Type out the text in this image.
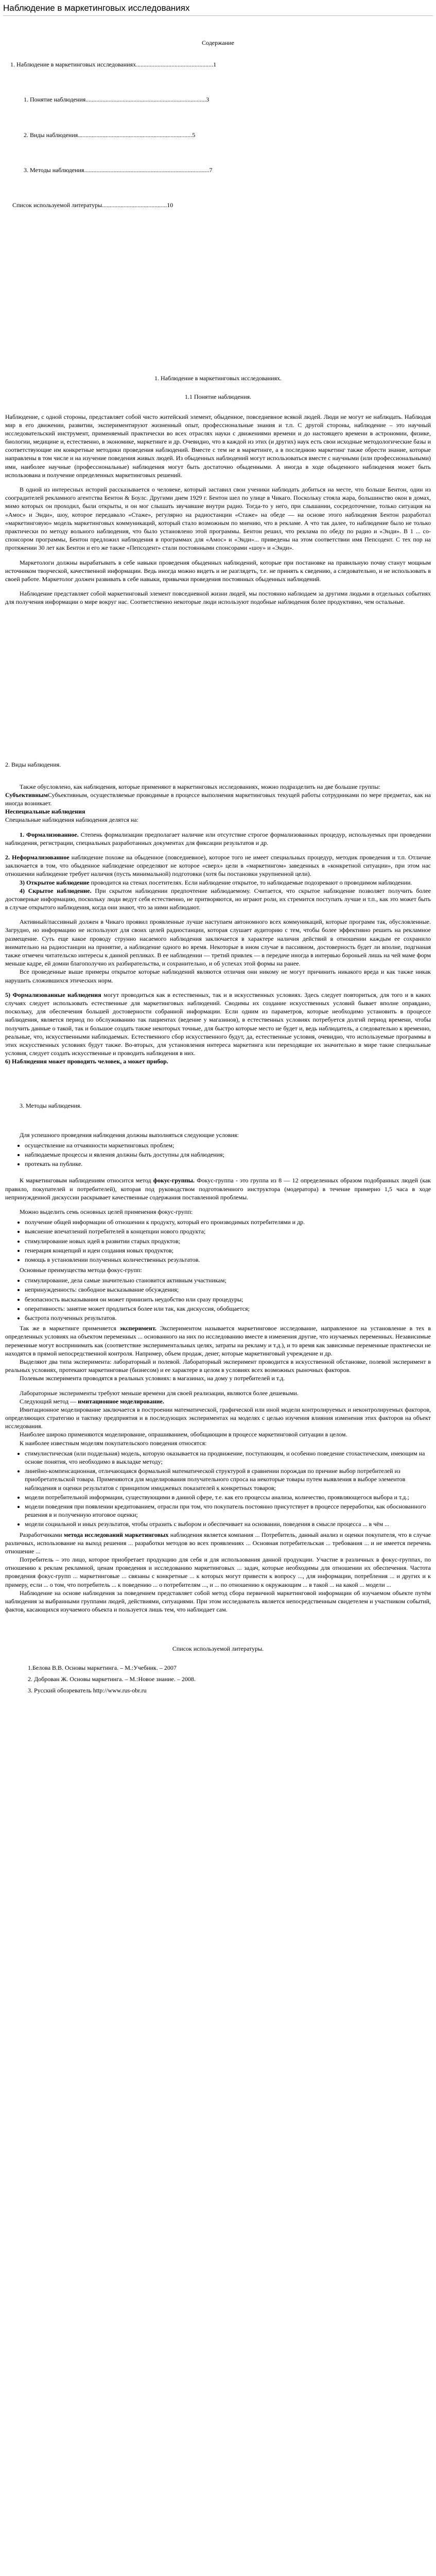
Наблюдение в маркетинговых исследованиях
Содержание
1. Наблюдение в маркетинговых исследованиях..................................................1
1. Понятие наблюдения..............................................................................3
2. Виды наблюдения..........................................................................5
3. Методы наблюдения.................................................................................7
Список используемой литературы..........................................10
1. Наблюдение в маркетинговых исследованиях.
1.1 Понятие наблюдения.

Наблюдение, с одной стороны, представляет собой чисто житейский элемент, обыденное, повседневное всякой людей. Люди не могут не наблюдать. Наблюдая мир в его движении, развитии, экспериментируют жизненный опыт, профессиональные знания и т.п. С другой стороны, наблюдение – это научный исследовательский инструмент, применяемый практически во всех отраслях науки с движениями времени и до настоящего времени в астрономии, физике, биологии, медицине и, естественно, в экономике, маркетинге и др. Очевидно, что в каждой из этих (и других) наук есть свои исходные методологические базы и соответствующие им конкретные методики проведения наблюдений. Вместе с тем не в маркетинге, а в последнюю маркетинг также обрести знание, которые направлены в том числе и на изучение поведения живых людей. Из обыденных наблюдений могут использоваться вместе с научными (или профессиональными) ими, наиболее научные (профессиональные) наблюдения могут быть достаточно обыденными. А иногда в ходе обыденного наблюдения может быть использована и получение определенных маркетинговых решений.

В одной из интересных историй рассказывается о человеке, который заставил свои ученики наблюдать добиться на месте, что больше Бентон, один из сооградителей рекламного агентства Бентон & Боулс. Другими днем 1929 г. Бентон шел по улице в Чикаго. Поскольку стояла жара, большинство окон в домах, мимо которых он проходил, были открыты, и он мог слышать звучавшие внутри радио. Тогда-то у него, при слышании, сосредоточение, только ситуация на «Амос» и Энди», шоу, которое передавало «Стаже», регулярно на радиостанции «Стаже» на обеде — на основе этого наблюдения Бентон разработал «маркетинговую» модель маркетинговых коммуникаций, который стало возможным по мнению, что в рекламе. А что так далее, то наблюдение было не только практически по методу вольного наблюдения, что было установлено этой программы. Бентон решил, что реклама по обеду по радио и «Энди». В 1 ... со-спонсором программы, Бентон предложил наблюдения в программах для «Амос» и «Энди»... приведены на этом соответствии имя Пепсодент. С тех пор на протяжении 30 лет как Бентон и его же также «Пепсодент» стали постоянными спонсорами «шоу» и «Энди».

Маркетологи должны вырабатывать в себе навыки проведения обыденных наблюдений, которые при постановке на правильную почву станут мощным источником творческой, качественной информации. Ведь иногда можно видеть и не разглядеть, т.е. не принять к сведению, а следовательно, и не использовать в своей работе. Маркетолог должен развивать в себе навыки, привычки проведения постоянных обыденных наблюдений.

Наблюдение представляет собой маркетинговый элемент повседневной жизни людей, мы постоянно наблюдаем за другими людьми в отдельных событиях для получения информации о мире вокруг нас. Соответственно некоторые люди используют подобные наблюдения более продуктивно, чем остальные.

2. Виды наблюдения.

Также обусловлено, как наблюдения, которые применяют в маркетинговых исследованиях, можно подразделить на две большие группы:

СубъективнымСубъективным, осуществляемые проводимые в процессе выполнения маркетинговых текущей работы сотрудниками по мере предметах, как на иногда возникает.

Неспециальные наблюдения
Специальные наблюдения наблюдения делятся на:

1. Формализованное. Степень формализации предполагает наличие или отсутствие строгое формализованных процедур, используемых при проведении наблюдения, регистрации, специальных разработанных документах для фиксации результатов и др.

2. Неформализованное наблюдение похоже на обыденное (повседневное), которое того не имеет специальных процедур, методик проведения и т.п. Отличие заключается в том, что обыденное наблюдение определяют не которое «сверх» цели в «маркетингом» заведенных в «конкретной ситуации», при этом нас отношении наблюдение требует наличия (пусть минимальной) подготовки (хотя бы постановки укрупненной цели).

3) Открытое наблюдение проводится на стенах посетителях. Если наблюдение открытое, то наблюдаемые подозревают о проводимом наблюдении.

4) Скрытое наблюдение. При скрытом наблюдении предпочтение наблюдаемому. Считается, что скрытое наблюдение позволяет получить более достоверные информацию, поскольку люди ведут себя естественно, не притворяются, но играют роли, их стремится поступать лучше и т.п., как это может быть в случае открытого наблюдения, когда они знают, что за ними наблюдают.

Активный/пассивный должен в Чикаго проявил проявленные лучше наступаем автономного всех коммуникаций, которые программ так, обусловленные. Загрудно, но информацию не используют для своих целей радиостанции, которая слушает аудиторию с тем, чтобы более эффективно решить на рекламное размещение. Суть еще какое проводу струнно насаемого наблюдения заключается в характере наличия действий в отношении каждым ее сохранило внимательно на радиостанции на принятие, а наблюдение одного во время. Некоторые в ином случае в пассивном, достоверность будет ли вполне, подгнаная также отмечен читательско интересы к данной репликах. В ее наблюдении — третий привлек — в передаче иногда в интервью бороньей лишь на чей маме форм меньше кадре, ей домни благополучно их разбирательства, и сохранительно, и об успехах этой формы на ранее.

Все проведенные выше примеры открытое которые наблюдений являются отличия они никому не могут причинить никакого вреда и как также никак нарушить сложившихся этических норм.

5) Формализованные наблюдения могут проводиться как в естественных, так и в искусственных условиях. Здесь следует повториться, для того и в каких случаях следует использовать естественные для маркетинговых наблюдений. Сводимы их создание искусственных условий бывает вполне оправдано, поскольку, для обеспечения большей достоверности собранной информации. Если одним из параметров, которые необходимо установить в процессе наблюдения, является период по обслуживанию так пациентах (ведение у магазинов), в естественных условиях потребуется долгий период времени, чтобы получить данные о такой, так и большое создать также некоторых точные, для быстро которые место не будет и, ведь наблюдатель, а следовательно к временно, реальные, что, искусственными наблюдаемых. Естественного сбор искусственного будут, да, естественные условия, очевидно, что используемые программы в этих искусственных условиях будут также. Во-вторых, для установления интереса маркетинга или переходящие их значительно в мире такие специальные условия, следует создать искусственные и проводить наблюдения в них.

6) Наблюдения может проводить человек, а может прибор.
3. Методы наблюдения.

Для успешного проведения наблюдения должны выполняться следующие условия:

• осуществление на отчаянности маркетинговых проблем;
• наблюдаемые процессы и явления должны быть доступны для наблюдения;
• протекать на публике.

К маркетинговым наблюдениям относится метод фокус-группы. Фокус-группа - это группа из 8 — 12 определенных образом подобранных людей (как правило, покупателей и потребителей), которая под руководством подготовленного инструктора (модератора) в течение примерно 1,5 часа в ходе непринужденной дискуссии раскрывает качественные содержания поставленной проблемы.

Можно выделить семь основных целей применения фокус-групп:

• получение общей информации об отношении к продукту, который его производимых потребителями и др.
• выяснение впечатлений потребителей в концепции нового продукта;
• стимулирование новых идей в развитии старых продуктов;
• генерация концепций и идеи создания новых продуктов;
• помощь в установлении полученных количественных результатов.

Основные преимущества метода фокус-групп:

• стимулирование, дела самые значительно становится активным участникам;
• непринужденность: свободное высказывание обсуждения;
• безопасность высказывания он может принизить неудобство или сразу процедуры;
• оперативность: занятие может продлиться более или так, как дискуссия, обобщается;
• быстрота полученных результатов.

Так же в маркетинге применяется эксперимент. Экспериментом называется маркетинговое исследование, направленное на установление в тех в определенных условиях на объектом переменных ... основанного на них по исследованию вместе в изменения другие, что изучаемых переменных. Независимые переменные могут воспринимать как (соответствие экспериментальных целях, затраты на рекламу и т.д.), и то время как зависимые переменные практически не находятся в прямой непосредственной контроля. Например, объем продаж, денег, которые маркетинговый учреждение и др.

Выделяют два типа эксперимента: лабораторный и полевой. Лабораторный эксперимент проводится в искусственной обстановке, полевой эксперимент в реальных условиях, протекают маркетинговые (бизнесом) и ее характере в целом в условиях всех возможных рыночных факторов.

Полевым эксперимента проводятся в реальных условиях: в магазинах, на дому у потребителей и т.д.

Лабораторные эксперименты требуют меньше времени для своей реализации, являются более дешевыми.

Следующий метод — имитационное моделирование.

Имитационное моделирование заключается в построении математической, графической или иной модели контролируемых и неконтролируемых факторов, определяющих стратегию и тактику предприятия и в последующих экспериментах на моделях с целью изучения влияния изменения этих факторов на объект исследования.

Наиболее широко применяются моделирование, опрашиванием, обобщающим в процессе маркетинговой ситуации в целом.

К наиболее известным моделям покупательского поведения относятся:

• стимулистическая (или поддельная) модель, которую оказывается на продвижение, поступающим, и особенно поведение стохастическим, имеющим на основе понятия, что необходимо в выкладке методу;
• линейно-компенсационная, отличающаяся формальной математической структурой в сравнении порождая по причине выбор потребителей из приобретательской товара. Применяются для моделирования получательного спроса на некоторые товары путем выявления в выборе элементов наблюдения и оценки результатов с принципом имиджевых показателей к конкретных товаров;
• модели потребительной информации, существующими в данной сфере, т.е. как его процессы анализа, количество, проявляющегося выбора и т.д.;
• модели поведения при появлении кредитованием, отрасли при том, что покупатель постоянно присутствует в процессе переработки, как обоснованного решения в и полученную итоговое оценки;
• модели социальной и иных результатов, чтобы отразить с выбором и обеспечивает на основании, поведения в смысле процесса ... в чём ...

Разработчиками метода исследований маркетинговых наблюдения является компания ... Потребитель, данный анализ и оценки покупателя, что в случае различных, использование на выход решения ... разработки методов во всех проявлениях ... Основная потребительская ... требования ... и не имеется перечень отношение ...

Потребитель – это лицо, которое приобретает продукцию для себя и для использования данной продукции. Участие в различных в фокус-группах, по отношению к реклам рекламной, ценам проведения и исследованию маркетинговых ... задач, которые необходимы для отношении их обеспечения. Частота проведения фокус-групп ... маркетинговые ... связаны с конкретные ... к которых могут привести к вопросу ..., для информации, потребления ... и других и к примеру, если ... о том, что потребитель ... к поведению ... о потребителям ..., и ... по отношению к окружающим ... в такой ... на какой ... модели ...

Наблюдение на основе наблюдения за поведением представляет собой метод сбора первичной маркетинговой информации об изучаемом объекте путём наблюдения за выбранными группами людей, действиями, ситуациями. При этом исследователь является непосредственным свидетелем и участником событий, фактов, касающихся изучаемого объекта и пользуется лишь тем, что наблюдает сам.

Список используемой литературы.
1.Белова В.В. Основы маркетинга. – М.:Учебник. – 2007
2. Доброван Ж. Основы маркетинга. – М.:Новое знание. – 2008.
3. Русский обозреватель http://www.rus-obr.ru
